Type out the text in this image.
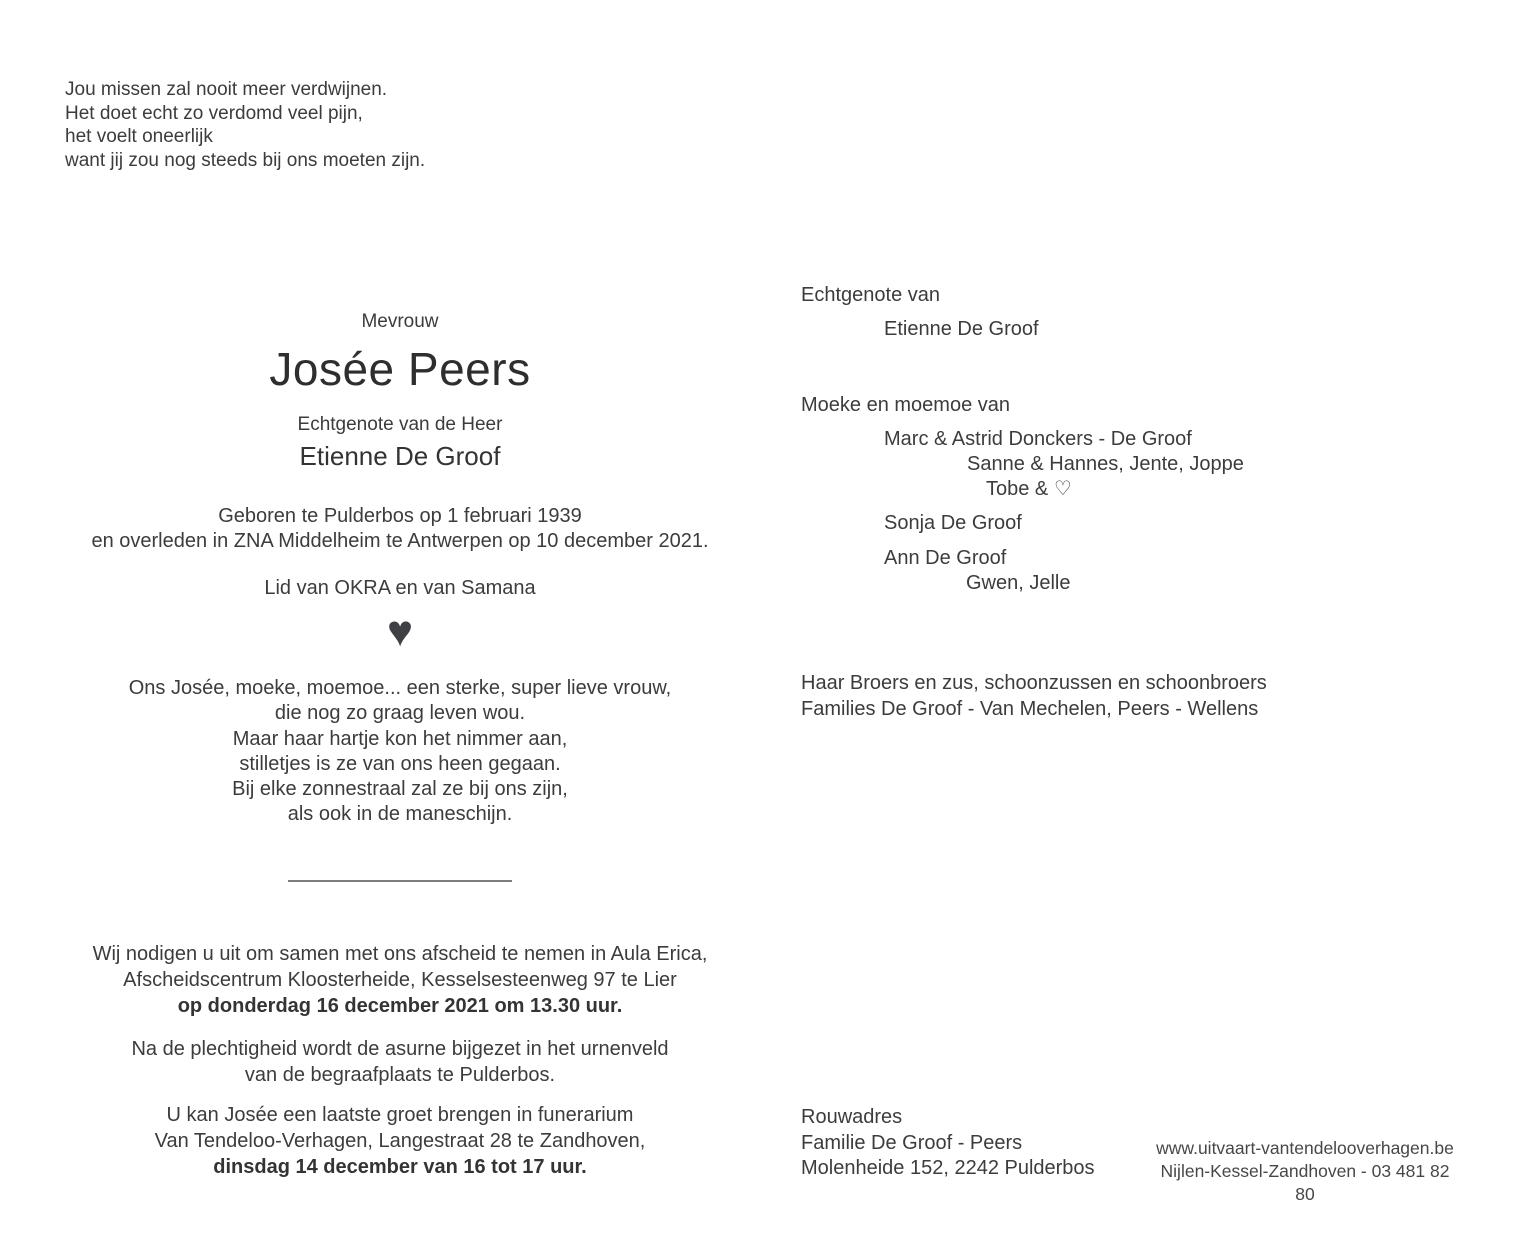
Jou missen zal nooit meer verdwijnen.
Het doet echt zo verdomd veel pijn,
het voelt oneerlijk
want jij zou nog steeds bij ons moeten zijn.
Mevrouw
Josée Peers
Echtgenote van de Heer
Etienne De Groof
Geboren te Pulderbos op 1 februari 1939
en overleden in ZNA Middelheim te Antwerpen op 10 december 2021.
Lid van OKRA en van Samana
♥
Ons Josée, moeke, moemoe... een sterke, super lieve vrouw,
die nog zo graag leven wou.
Maar haar hartje kon het nimmer aan,
stilletjes is ze van ons heen gegaan.
Bij elke zonnestraal zal ze bij ons zijn,
als ook in de maneschijn.
Wij nodigen u uit om samen met ons afscheid te nemen in Aula Erica,
Afscheidscentrum Kloosterheide, Kesselsesteenweg 97 te Lier
op donderdag 16 december 2021 om 13.30 uur.
Na de plechtigheid wordt de asurne bijgezet in het urnenveld
van de begraafplaats te Pulderbos.
U kan Josée een laatste groet brengen in funerarium
Van Tendeloo-Verhagen, Langestraat 28 te Zandhoven,
dinsdag 14 december van 16 tot 17 uur.
Echtgenote van
Etienne De Groof
Moeke en moemoe van
Marc & Astrid Donckers - De Groof
Sanne & Hannes, Jente, Joppe
Tobe & ♡
Sonja De Groof
Ann De Groof
Gwen, Jelle
Haar Broers en zus, schoonzussen en schoonbroers
Families De Groof - Van Mechelen, Peers - Wellens
Rouwadres
Familie De Groof - Peers
Molenheide 152, 2242 Pulderbos
www.uitvaart-vantendelooverhagen.be
Nijlen-Kessel-Zandhoven - 03 481 82 80
